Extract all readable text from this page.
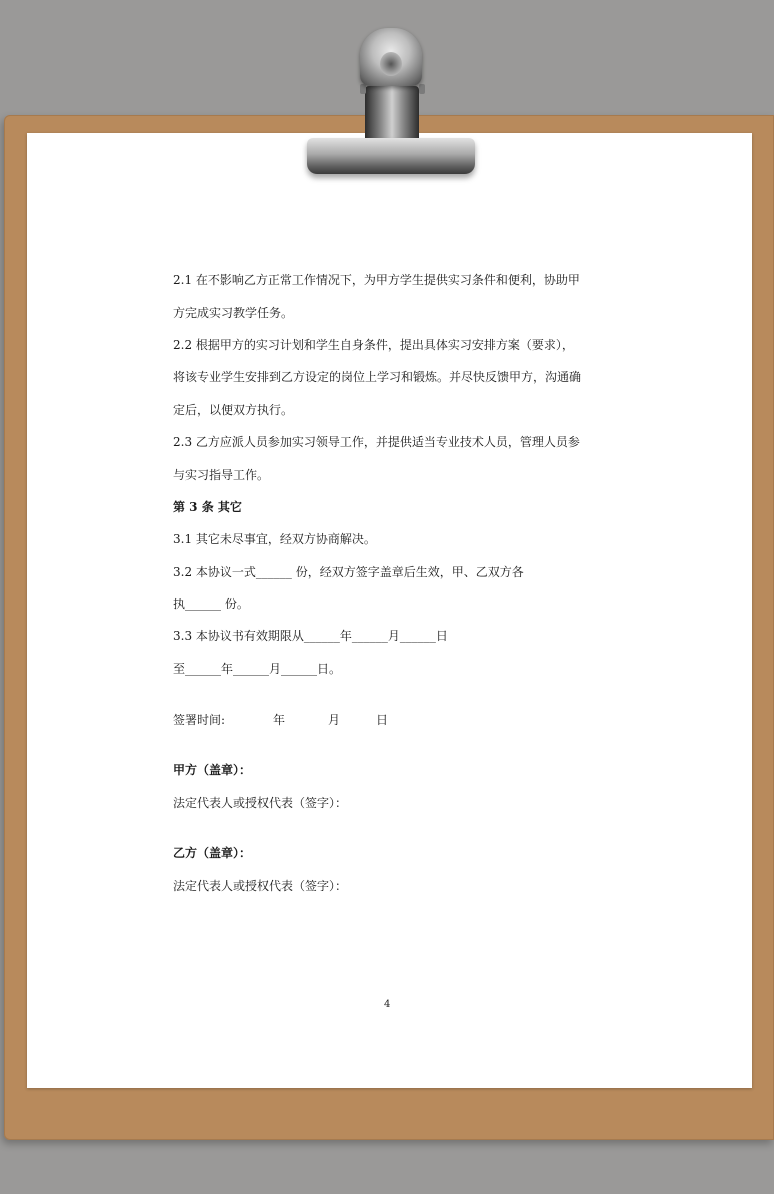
2.1 在不影响乙方正常工作情况下，为甲方学生提供实习条件和便利，协助甲
方完成实习教学任务。
2.2 根据甲方的实习计划和学生自身条件，提出具体实习安排方案（要求），
将该专业学生安排到乙方设定的岗位上学习和锻炼。并尽快反馈甲方，沟通确
定后，以便双方执行。
2.3 乙方应派人员参加实习领导工作，并提供适当专业技术人员，管理人员参
与实习指导工作。
第 3 条 其它
3.1 其它未尽事宜，经双方协商解决。
3.2 本协议一式______ 份，经双方签字盖章后生效，甲、乙双方各
执______ 份。
3.3 本协议书有效期限从______年______月______日
至______年______月______日。
签署时间:	年	月	日
甲方（盖章）：
法定代表人或授权代表（签字）：
乙方（盖章）：
法定代表人或授权代表（签字）：
4
